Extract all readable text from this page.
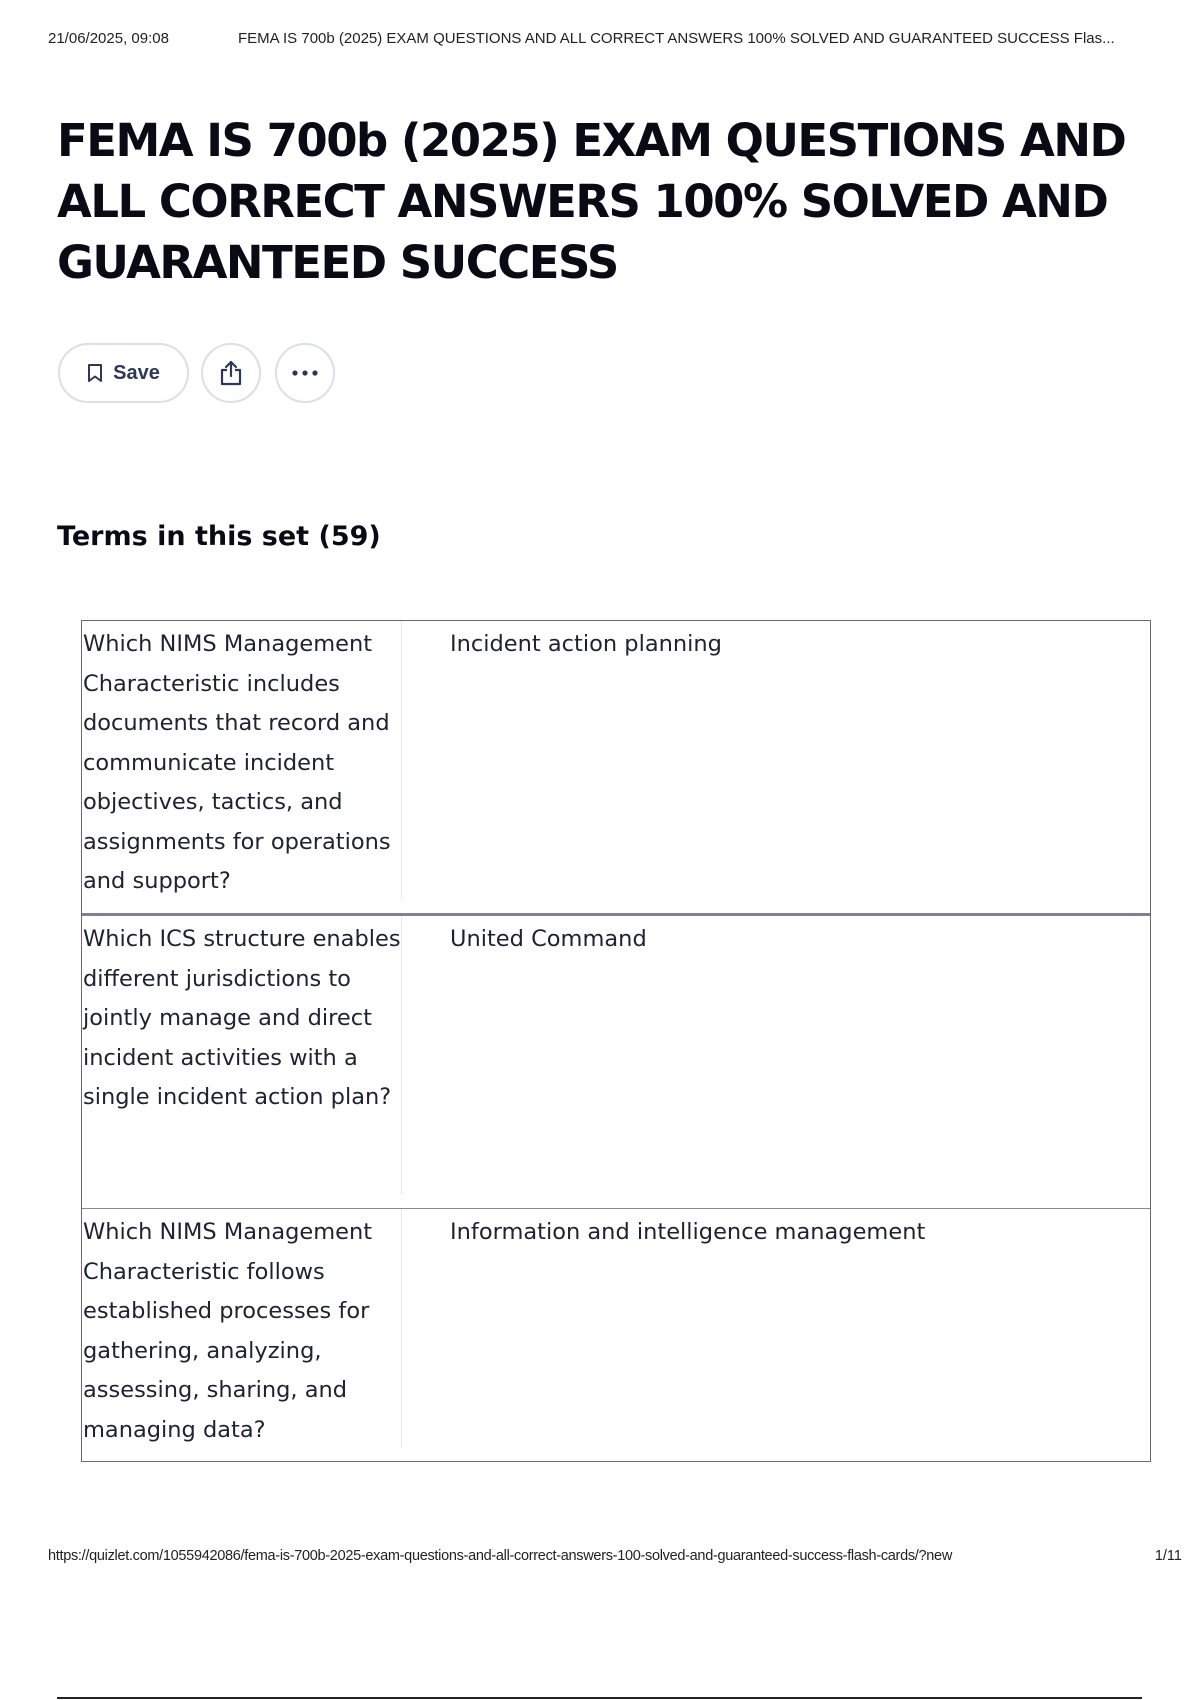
21/06/2025, 09:08	FEMA IS 700b (2025) EXAM QUESTIONS AND ALL CORRECT ANSWERS 100% SOLVED AND GUARANTEED SUCCESS Flas...
FEMA IS 700b (2025) EXAM QUESTIONS AND ALL CORRECT ANSWERS 100% SOLVED AND GUARANTEED SUCCESS
Save
Terms in this set (59)
Which NIMS Management Characteristic includes documents that record and communicate incident objectives, tactics, and assignments for operations and support?
Incident action planning
Which ICS structure enables different jurisdictions to jointly manage and direct incident activities with a single incident action plan?
United Command
Which NIMS Management Characteristic follows established processes for gathering, analyzing, assessing, sharing, and managing data?
Information and intelligence management
https://quizlet.com/1055942086/fema-is-700b-2025-exam-questions-and-all-correct-answers-100-solved-and-guaranteed-success-flash-cards/?new	1/11
